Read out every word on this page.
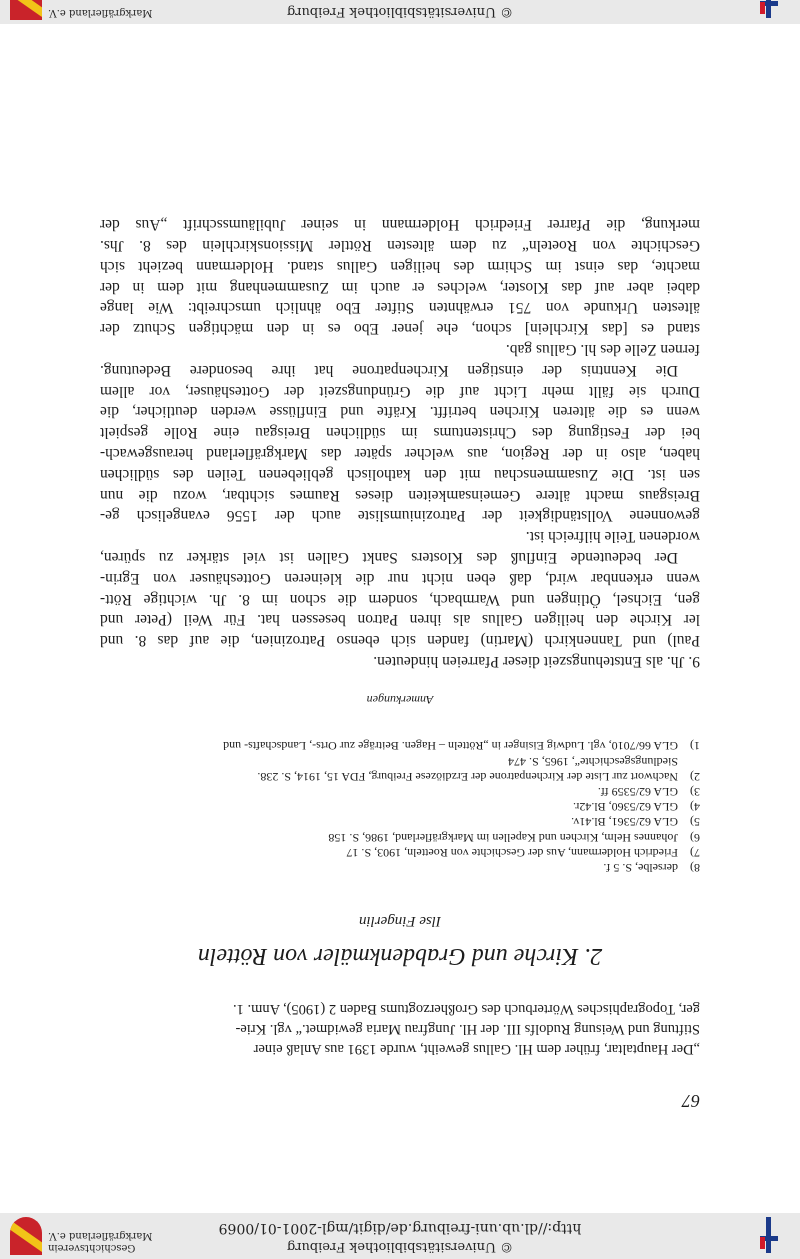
© Universitätsbibliothek Freiburg
http://dl.ub.uni-freiburg.de/digit/mgl-2001-01/0069
Geschichtsverein
Markgräflerland e.V.
© Universitätsbibliothek Freiburg
Markgräflerland e.V.
67
„Der Hauptaltar, früher dem Hl. Gallus geweiht, wurde 1391 aus Anlaß einer
Stiftung und Weisung Rudolfs III. der Hl. Jungfrau Maria gewidmet.“ vgl. Krie-
ger, Topographisches Wörterbuch des Großherzogtums Baden 2 (1905), Anm. 1.
2. Kirche und Grabdenkmäler von Rötteln
Ilse Fingerlin
8)
derselbe, S. 5 f.
7)
Friedrich Holdermann, Aus der Geschichte von Roetteln, 1903, S. 17
6)
Johannes Helm, Kirchen und Kapellen im Markgräflerland, 1986, S. 158
5)
GLA 62/5361, Bl.41v.
4)
GLA 62/5360, Bl.42r.
3)
GLA 62/5359 ff.
2)
Nachwort zur Liste der Kirchenpatrone der Erzdiözese Freiburg, FDA 15, 1914, S. 238.
Siedlungsgeschichte“, 1965, S. 474
1)
GLA 66/7010, vgl. Ludwig Eisinger in „Rötteln – Hagen. Beiträge zur Orts-, Landschafts- und
Anmerkungen
9. Jh. als Entstehungszeit dieser Pfarreien hindeuten.
Paul) und Tannenkirch (Martin) fanden sich ebenso Patrozinien, die auf das 8. und
ler Kirche den heiligen Gallus als ihren Patron besessen hat. Für Weil (Peter und
gen, Eichsel, Ötlingen und Warmbach, sondern die schon im 8. Jh. wichtige Rött-
wenn erkennbar wird, daß eben nicht nur die kleineren Gotteshäuser von Egrin-
Der bedeutende Einfluß des Klosters Sankt Gallen ist viel stärker zu spüren,
wordenen Teile hilfreich ist.
gewonnene Vollständigkeit der Patroziniumsliste auch der 1556 evangelisch ge-
Breisgaus macht ältere Gemeinsamkeiten dieses Raumes sichtbar, wozu die nun
sen ist. Die Zusammenschau mit den katholisch gebliebenen Teilen des südlichen
haben, also in der Region, aus welcher später das Markgräflerland herausgewach-
bei der Festigung des Christentums im südlichen Breisgau eine Rolle gespielt
wenn es die älteren Kirchen betrifft. Kräfte und Einflüsse werden deutlicher, die
Durch sie fällt mehr Licht auf die Gründungszeit der Gotteshäuser, vor allem
Die Kenntnis der einstigen Kirchenpatrone hat ihre besondere Bedeutung.
fernen Zelle des hl. Gallus gab.
stand es [das Kirchlein] schon, ehe jener Ebo es in den mächtigen Schutz der
ältesten Urkunde von 751 erwähnten Stifter Ebo ähnlich umschreibt: Wie lange
dabei aber auf das Kloster, welches er auch im Zusammenhang mit dem in der
machte, das einst im Schirm des heiligen Gallus stand. Holdermann bezieht sich
Geschichte von Roeteln“ zu dem ältesten Röttler Missionskirchlein des 8. Jhs.
merkung, die Pfarrer Friedrich Holdermann in seiner Jubiläumsschrift „Aus der
